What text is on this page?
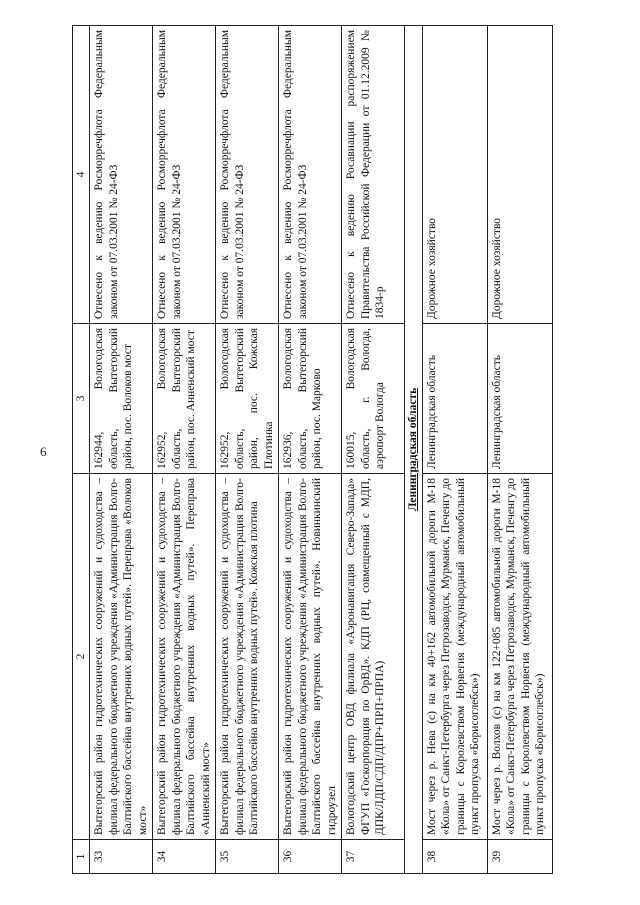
6
1	2	3	4
33	Вытегорский район гидротехнических сооружений и судоходства – филиал федерального бюджетного учреждения «Администрация Волго-Балтийского бассейна внутренних водных путей». Переправа «Волоков мост»	162944, Вологодская область, Вытегорский район, пос. Волоков мост	Отнесено к ведению Росморречфлота Федеральным законом от 07.03.2001 № 24-ФЗ
34	Вытегорский район гидротехнических сооружений и судоходства – филиал федерального бюджетного учреждения «Администрация Волго-Балтийского бассейна внутренних водных путей». Переправа «Анненский мост»	162952, Вологодская область, Вытегорский район, пос. Анненский мост	Отнесено к ведению Росморречфлота Федеральным законом от 07.03.2001 № 24-ФЗ
35	Вытегорский район гидротехнических сооружений и судоходства – филиал федерального бюджетного учреждения «Администрация Волго-Балтийского бассейна внутренних водных путей». Кожская плотина	162952, Вологодская область, Вытегорский район, пос. Кожская Плотинка	Отнесено к ведению Росморречфлота Федеральным законом от 07.03.2001 № 24-ФЗ
36	Вытегорский район гидротехнических сооружений и судоходства – филиал федерального бюджетного учреждения «Администрация Волго-Балтийского бассейна внутренних водных путей». Новинкинский гидроузел	162936, Вологодская область, Вытегорский район, пос. Марково	Отнесено к ведению Росморречфлота Федеральным законом от 07.03.2001 № 24-ФЗ
37	Вологодский центр ОВД филиала «Аэронавигация Северо-Запада» ФГУП «Госкорпорация по ОрВД». КДП (РЦ, совмещенный с МДП, ДПК/ЛДП/СДП/ДПР+ПРП+ПРПА)	160015, Вологодская область, г. Вологда, аэропорт Вологда	Отнесено к ведению Росавиации распоряжением Правительства Российской Федерации от 01.12.2009 № 1834-р
Ленинградская область			
38	Мост через р. Нева (с) на км 40+162 автомобильной дороги М-18 «Кола» от Санкт-Петербурга через Петрозаводск, Мурманск, Печенгу до границы с Королевством Норвегия (международный автомобильный пункт пропуска «Борисоглебск»)	Ленинградская область	Дорожное хозяйство
39	Мост через р. Волхов (с) на км 122+085 автомобильной дороги М-18 «Кола» от Санкт-Петербурга через Петрозаводск, Мурманск, Печенгу до границы с Королевством Норвегия (международный автомобильный пункт пропуска «Борисоглебск»)	Ленинградская область	Дорожное хозяйство
